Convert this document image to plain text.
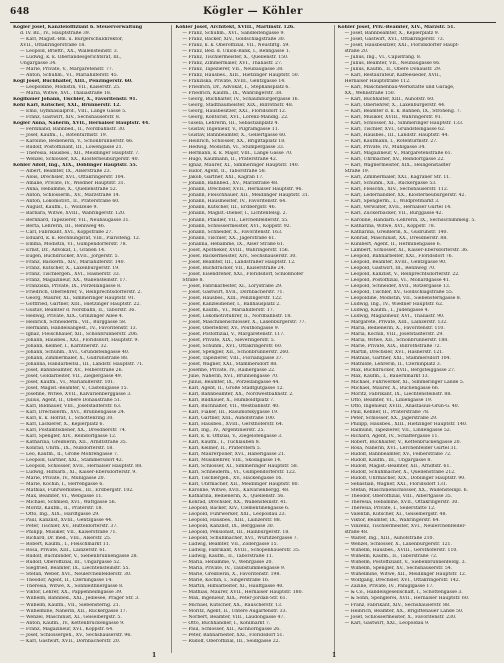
648	Kögler — Köhler
Kögler Josef, Kanzleioffiziant b. Steuerverwaltung
d. IV. Bz., IV., Hauptstraße 39.
— Karl, Magist.-Bm. u. Bürgerschuldirektor,
XVII., Ottakringerstraße 18.
— Leopold, Brieftr., XX., Wallensteinstr. 3.
— Ludwig, k. k. Oberlandesgerichtsrat, III.,
Ungargasse 34.
— Marie, Private, V., Margaretenstr. 77.
— Anton, Schuhm., VI., Mariahilferstr. 45.
Kögl Josef, Buchhalter, XIII., Penzingerstr. 60.
— Leopoldine, Modistin, VII., Kaiserstr. 25.
— Maria, Witwe, XVI., Thaliastraße 18.
Köglbauer Johann, Tischler, X., Favoritenstr. 91.
Köhl Karl, Kutscher, XXI., Brünnerstr. 12.
— Emil, Gymnasialprof., VIII., Lange Gasse 5.
— Franz, Gastwirt, XIV., Sechshauserstr. 8.
Kögler Anna, Näherin, XVII., Hernalser Hauptstr. 44.
— Ferdinand, Bahnbed., II., Nordbahnstr. 30.
— Josef, Kaufm., I., Rotenturmstr. 19.
— Karoline, Bedienerin, V., Schönbrunnerstr. 66.
— Rudolf, Postoffiziant, III., Löwengasse 21.
— Theresia, Hausbes., XII., Meidlinger Hauptstr. 7.
— Wenzel, Schlosser, XX., Klosterneuburgerstr. 40.
Köhler Adolf, Ing., XIX., Döblinger Hauptstr. 55.
— Albert, Beamter, IX., Alserstraße 23.
— Alois, Drechsler, XVI., Ottakringerstr. 104.
— Amalie, Private, IV., Wiedner Hauptstr. 31.
— Anna, Hebamme, X., Quellenstraße 52.
— Anton, Schlosserm., XV., Märzstraße 14.
— Anton, Lokomotivf., II., Praterstraße 60.
— August, Kaufm., I., Wollzeile 9.
— Barbara, Witwe, XVIII., Währingerstr. 120.
— Bernhard, Tapezierer, VII., Neubaugasse 31.
— Berta, Lehrerin, III., Rennweg 46.
— Carl, Fabrikant, XVI., Koppstraße 27.
— Eduard, k. k. Rechnungsrat, VIII., Piaristeng. 12.
— Emma, Modistin, VI., Gumpendorferstr. 78.
— Ernst, Dr., Advokat, I., Graben 14.
— Eugen, Buchdrucker, XVII., Jörgerstr. 5.
— Franz, Bäckerm., XIV., Mariahilferstr. 140.
— Franz, Kutscher, X., Laxenburgerstr. 19.
— Franz, Tischlergeh., XVI., Hasnerstr. 33.
— Franz, Magazineur, XX., Wallensteinstr. 17.
— Franziska, Private, IX., Porzellangasse 8.
— Friedrich, Oberlehrer, V., Reinprechtsdorferstr. 2.
— Georg, Maurer, XI., Simmeringer Hauptstr. 91.
— Gottfried, Gärtner, XIII., Hietzinger Hauptstr. 22.
— Gustav, Beamter d. Nordbahn, II., Taborstr. 36.
— Hedwig, Private, XIX., Grinzinger Allee 4.
— Heinrich, Schneiderm., VII., Burggasse 58.
— Hermann, Handelsangest., IV., Favoritenstr. 13.
— Ignaz, Fleischhauer, XII., Schönbrunnerstr. 206.
— Johann, Hausbes., XXI., Floridsdorf, Hauptstr. 9.
— Johann, Kellner, I., Kärntnerstr. 32.
— Johann, Schuhm., XVI., Grundsteingasse 40.
— Johann, Zimmermaler, X., Gudrunstraße 88.
— Johanna, Handarbeitsl., III., Landstr. Hauptstr. 71.
— Josef, Bahnbeamter, XV., Felberstraße 26.
— Josef, Goldarbeiter, VII., Zieglergasse 49.
— Josef, Kaufm., VI., Mariahilferstr. 101.
— Josef, Magist.-Beamter, V., Castelligasse 15.
— Josefine, Witwe, XVII., Kalvarienberggasse 3.
— Julius, Agent, II., Obere Donaustraße 51.
— Karl, Bildhauer, VIII., Josefstädterstr. 63.
— Karl, Drechslerm., XVI., Brunnengasse 24.
— Karl, k. k. Hofrat, I., Schottenring 30.
— Karl, Lackierer, X., Keplerplatz 6.
— Karl, Postamtsdiener, XX., Dresdnerstr. 74.
— Karl, Spengler, XIV., Reindorfgasse 12.
— Katharina, Greißlerin, XII., Arndtstraße 35.
— Konrad, Uhrm., IX., Nußdorferstr. 18.
— Leo, Kaufm., II., Große Mohrengasse 7.
— Leopold, Gärtner, XXI., Stammersdorf 42.
— Leopold, Schlosser, XVII., Hernalser Hauptstr. 88.
— Ludwig, Hilfsarb., XI., Kaiser-Ebersdorferstr. 9.
— Marie, Private, IV., Mühlgasse 20.
— Marie, Köchin, I., Herrengasse 6.
— Mathias, Fuhrwerksbes., III., Erdbergstr. 102.
— Max, Beamter, VI., Webgasse 11.
— Michael, Schmied, XVI., Wattgasse 56.
— Moritz, Kaufm., II., Praterstr. 18.
— Otto, Ing., XIX., Hardtgasse 29.
— Paul, Kanzlist, XVIII., Gentzgasse 44.
— Peter, Tischler, XV., Hütteldorferstr. 37.
— Philipp, Musiker, VII., Kaiserstraße 71.
— Richard, Dr. med., VIII., Alserstr. 25.
— Robert, Kaufm., I., Fleischmarkt 11.
— Rosa, Private, XIII., Lainzerstr. 61.
— Rudolf, Buchbinder, V., Siebenbrunnengasse 28.
— Rudolf, Oberoffizial, III., Ungargasse 52.
— Siegfried, Beamter, IX., Liechtensteinstr. 55.
— Stefan, Weber, XVI., Neulerchenfelderstr. 30.
— Theodor, Agent, II., Czerningasse 14.
— Theresia, Witwe, X., Sonnleithnergasse 8.
— Viktor, Lehrer, XX., Pappenheimgasse 39.
— Wilhelm, Bahnbed., XXI., Jedlesee, Prager Str. 3.
— Wilhelm, Kaufm., VII., Siebensterng. 21.
— Wilhelmine, Näherin, XII., Ruckergasse 17.
— Wenzel, Maschinist, XI., Geiselbergstr. 5.
— Anton, Kaufm., IV., Kettenbrückengasse 9.
— Franz, Magazineur, XVI., Koppstr. 64.
— Josef, Schlossergeh., XV., Sechshauserstr. 96.
— Karl, Gastwirt, XVII., Dornbacherstr. 20.
Köhler Josef, Architekt, XVIII., Martinstr. 126.
— Franz, Schuhm., XVI., Sandleitengasse 9.
— Franz, Bäcker, XIV., Goldschlagstraße 30.
— Franz, k. k. Oberoffizial, VII., Neustiftg. 59.
— Franz, Bed. d. Union-Bank, I., Renngasse 1.
— Franz, Tischlermeister, X., Quellenstr. 150.
— Franz, Zimmermaler, XVI., Thaliastr. 27.
— Franz, Tapezierer, VII., Neubaugasse 38.
— Franz, Hausbes., XIII., Hietzinger Hauptstr. 50.
— Franziska, Private, XVIII., Gentzgasse 14.
— Friedrich, Dr., Advokat, I., Stephansplatz 6.
— Friedrich, Kaufm., IX., Währingerstr. 38.
— Georg, Buchhalter, IV., Schaumburgergasse 16.
— Georg, Stadtbaumeister, XIX., Billrothstr. 48.
— Georg, Hausbesitzer, XXI., Floridsdorf 12.
— Georg, Kontorist, XVI., Lorenz-Mandlg. 22.
— Gisela, Lehrerin, III., Sebastianplatz 4.
— Gustav, Ingenieur, V., Pilgramgasse 11.
— Gustav, Bahnbeamter, X., Gellertgasse 60.
— Heinrich, Schlosser, XX., Brigittaplatz 18.
— Hedwig, Modistin, VI., Stumpergasse 33.
— Hermann, k. k. Major, VIII., Lange Gasse 70.
— Hugo, Kaufmann, II., Praterstraße 42.
— Ignaz, Maurer, XI., Simmeringer Hauptstr. 140.
— Isidor, Agent, II., Taborstraße 58.
— Jakob, Gärtner, XXI., Kagran 17.
— Johann, Bahnbed., XV., Märzstraße 48.
— Johann, Drechsler, XVII., Hernalser Hauptstr. 96.
— Johann, Fleischhauer, XII., Meidlinger Hauptstr. 31.
— Johann, Hausmeister, IV., Favoritenstr. 64.
— Johann, Kutscher, III., Erdbergstr. 46.
— Johann, Magist.-Diener, I., Lichtenfelsg. 2.
— Johann, Pfaidler, VII., Lerchenfelderstr. 55.
— Johann, Schlossermeister, XVI., Koppstr. 92.
— Johann, Schneider, X., Favoritenstr. 163.
— Johann, Tischler, XX., Jägerstraße 61.
— Johanna, Hebamme, IX., Alser Straße 61.
— Josef, Apotheker, XVIII., Währingerstr. 156.
— Josef, Bäckermeister, XIV., Sechshauserstr. 30.
— Josef, Beamter, III., Landstraßer Hauptstr. 12.
— Josef, Buchdrucker, VII., Kaiserstraße 24.
— Josef, Eisendreher, XXI., Floridsdorf, Schloßhofer
Straße 8.
— Josef, Fabrikarbeiter, XI., Lorystraße 29.
— Josef, Gastwirt, XVII., Dornbacherstr. 71.
— Josef, Hausbes., XIII., Penzingerstr. 122.
— Josef, Kanzleidiener, I., Ballhausplatz 2.
— Josef, Kaufm., VI., Mariahilferstr. 17.
— Josef, Lokomotivführer, II., Nordbahnstr. 18.
— Josef, Maschinenschlosser, X., Laxenburgerstr. 77.
— Josef, Oberlehrer, XV., Pouthongasse 9.
— Josef, Postoffizial, V., Margaretenstr. 117.
— Josef, Private, XIX., Sieveringerstr. 5.
— Josef, Schuhm., XVI., Ottakringerstr. 60.
— Josef, Spengler, XII., Schönbrunnerstr. 260.
— Josef, Tapezierer, VIII., Florianigasse 37.
— Josef, Wagner, XXI., Stammersdorf 88.
— Josefine, Private, IV., Rainergasse 22.
— Julie, Näherin, XVI., Brunnengasse 70.
— Julius, Beamter, IX., Porzellangasse 44.
— Karl, Agent, II., Große Stadtgutgasse 12.
— Karl, Bahnbeamter, XX., Nordwestbahnstr. 2.
— Karl, Bildhauer, X., Humboldtplatz 7.
— Karl, Buchhalter, VII., Westbahnstr. 40.
— Karl, Fiaker, III., Rasumofskygasse 19.
— Karl, Gärtner, XIII., Auhofstraße 100.
— Karl, Hausbes., XVIII., Gersthoferstr. 64.
— Karl, Ing., IV., Argentinierstr. 25.
— Karl, k. k. Offizial, V., Ziegelofengasse 3.
— Karl, Kaufm., I., Tuchlauben 8.
— Karl, Kellner, II., Praterstern 5.
— Karl, Maurerpolier, XVI., Haberlgasse 21.
— Karl, Musiklehrer, VIII., Skodagasse 14.
— Karl, Schlosser, XI., Simmeringer Hauptstr. 58.
— Karl, Schneiderm., VI., Gumpendorferstr. 122.
— Karl, Tischlergeh., XV., Hackengasse 16.
— Karl, Uhrmacher, XII., Meidlinger Hauptstr. 80.
— Karoline, Witwe, XVII., Kalvarienbergg. 48.
— Katharina, Bedienerin, X., Quellenstr. 56.
— Konrad, Drechsler, XX., Wallensteinstr. 41.
— Leopold, Bäcker, XIV., Clementinengasse 6.
— Leopold, Fuhrwerker, XXI., Leopoldau 23.
— Leopold, Hausbes., XIII., Lainzerstr. 88.
— Leopold, Kanzlist, IX., Berggasse 30.
— Leopold, Pensionist, III., Hainburgerstr. 18.
— Leopold, Schuhmacher, XVI., Wurlitzergasse 7.
— Ludwig, Beamter, VII., Zollergasse 15.
— Ludwig, Fabrikant, XVIII., Schopenhauerstr. 35.
— Ludwig, Kaufm., II., Taborstraße 11.
— Maria, Hebamme, V., Wehrgasse 20.
— Maria, Private, IV., Taubstummengasse 9.
— Marie, Greißlerin, X., Favoritenstr. 198.
— Marie, Köchin, I., Singerstraße 16.
— Martin, Hilfsarbeiter, XI., Hauffgasse 40.
— Mathias, Maurer, XVII., Hernalser Hauptstr. 180.
— Max, Ingenieur, XIX., Peter-Jordan-Str. 61.
— Michael, Kutscher, XX., Rauscherstr. 13.
— Moritz, Agent, II., Untere Augartenstr. 33.
— Norbert, Beamter, VIII., Laudongasse 47.
— Otto, Buchhändler, I., Kohlmarkt 7.
— Paul, Schlosser, XII., Aichhorngasse 26.
— Peter, Bahnarbeiter, XXI., Floridsdorf 51.
— Rudolf, Oberoffizial, III., Seidlgasse 22.
Köhler Josef, Priv.-Beamter, XIV., Märzstr. 51.
— Josef, Bahnbeamter, X., Keplerplatz 9.
— Josef, Gastwirt, XVI., Ottakringerstr. 73.
— Josef, Hausbesitzer, XXI., Floridsdorfer Haupt-
straße 20.
— Julius, Ing., VI., Capistrang. 8.
— Julius, Beamter, VII., Neubaugasse 66.
— Julius, Kaufm., II., Obere Donaustr. 29.
— Karl, Restaurateur, Kaffeesieder, XVII.,
Hernalser Hauptstraße 112.
— Karl, Maschinenbau-Werkstätte und Garage,
XX., Wehlistraße 150.
— Karl, Buchhalter, XIII., Auhofstr. 60.
— Karl, Oberlehrer, X., Laxenburgerstr. 44.
— Karl, Beamter d. k. k. Bahnen, IX., Stroheng. 7.
— Karl, Musiker, XVIII., Währingerstr. 91.
— Karl, Schlosser, XI., Simmeringer Hauptstr. 133.
— Karl, Tischler, XVI., Grundsteingasse 62.
— Karl, Hausbes., III., Landstr. Hauptstr. 44.
— Karl, Kaufmann, I., Rotenturmstr. 27.
— Karl, Private, IV., Mühlgasse 34.
— Karl, Magazineur, V., Margaretenstraße 61.
— Karl, Uhrmacher, XV., Reindorfgasse 22.
— Karl, Wagnermeister, XIX., Heiligenstädter
Straße 19.
— Karl, Zimmermaler, XXI., Kagraner Str. 11.
— Karl, Schuhm., XII., Ruckergasse 53.
— Karl, Fleischh., XIV., Sechshauserstr. 112.
— Karl, Lederhändler, XX., Klosterneuburgerstr. 42.
— Karl, Spenglerm., I., Wildpretmarkt 3.
— Karl, Verwalter, XVII., Hernalser Gürtel 14.
— Karl, Zuckerbäcker, VII., Burggasse 42.
— Karoline, Handarb.-Lehrerin, IX., Sechsschimmelg. 5.
— Katharina, Witwe, XVI., Koppstr. 78.
— Katharina, Greißlerin, X., Gudrunstr. 140.
— Konrad, Maschinist, XX., Dresdnerstr. 88.
— Kunibert, Agent, II., Herminengasse 6.
— Lambert, Schlosser, XI., Kaiser-Ebersdorferstr. 36.
— Leopold, Bahnarbeiter, XXI., Floridsdorf 76.
— Leopold, Beamter, XVIII., Gentzgasse 90.
— Leopold, Gastwirt, III., Rennweg 70.
— Leopold, Kanzlist, V., Reinprechtsdorferstr. 22.
— Leopold, Postoffizial, VI., Mollardgasse 41.
— Leopold, Schneider, XVII., Rötzergasse 13.
— Leopold, Tischler, XV., Goldschlagstraße 55.
— Leopoldine, Modistin, VII., Siebensterngasse 8.
— Ludwig, Ing., IV., Wiedner Hauptstr. 62.
— Ludwig, Kaufm., I., Judengasse 4.
— Ludwig, Magazineur, XVI., Thaliastr. 90.
— Margarete, Private, XIII., Lainzerstr. 132.
— Maria, Bedienerin, X., Favoritenstr. 110.
— Maria, Köchin, VIII., Josefstädterstr. 29.
— Maria, Witwe, XII., Schönbrunnerstr. 188.
— Marie, Private, XIX., Billrothstraße 72.
— Martin, Drechsler, XVI., Hasnerstr. 121.
— Mathias, Gärtner, XXI., Stammersdorf 104.
— Mathilde, Lehrerin, II., Czerninplatz 3.
— Max, Buchdrucker, XVII., Bergsteiggasse 27.
— Max, Kaufm., I., Bauernmarkt 13.
— Michael, Fuhrwerker, XI., Simmeringer Lände 5.
— Michael, Maurer, X., Buchengasse 66.
— Moritz, Fabrikant, IX., Liechtensteinstr. 88.
— Otto, Beamter, VI., Liniengasse 19.
— Otto, Ingenieur, XVIII., Anastasius-Grün-G. 40.
— Paul, Kellner, II., Praterstraße 78.
— Peter, Schlosser, XX., Jägerstraße 29.
— Philipp, Hausbes., XIII., Hietzinger Hauptstr. 140.
— Raimund, Tapezierer, VII., Lindengasse 52.
— Richard, Agent, IV., Schäffergasse 11.
— Robert, Buchhalter, V., Kettenbrückengasse 20.
— Rosa, Näherin, XVI., Lerchenfelder Gürtel 31.
— Rudolf, Bahnbeamter, XV., Felberstraße 72.
— Rudolf, Kaufm., III., Ungargasse 8.
— Rudolf, Magist.-Beamter, XII., Arndtstr. 61.
— Rudolf, Schuhmacher, X., Quellenstraße 212.
— Rudolf, Uhrmacher, XIX., Döblinger Hauptstr. 90.
— Sebastian, Wagner, XXI., Floridsdorf 131.
— Stefan, Maschinenschlosser, XX., Wallensteinpl. 6.
— Theodor, Oberoffizial, VIII., Albertgasse 35.
— Theresia, Hebamme, XVII., Ottakringerstr. 30.
— Theresia, Private, I., Seilerstätte 12.
— Valentin, Kutscher, XI., Geiselbergstr. 48.
— Viktor, Beamter, IX., Währingerstr. 64.
— Vinzenz, Tischlermeister, XVI., Neulerchenfelder-
straße 48.
— Walter, Ing., XIII., Auhofstraße 210.
— Wenzel, Schlosser, X., Laxenburgerstr. 121.
— Wilhelm, Hausbes., XVIII., Gersthoferstr. 110.
— Wilhelm, Kaufm., II., Taborstraße 72.
— Wilhelm, Postoffiziant, V., Siebenbrunnenfeldg. 3.
— Wilhelm, Spengler, XV., Sechshauserstr. 54.
— Wilhelmine, Witwe, XII., Meidlinger Hauptstr. 12.
— Wolfgang, Drechsler, XVI., Ottakringerstr. 142.
— Zäzilie, Private, IV., Paniglgasse 17.
— & Co., Handelsgesellschaft, I., Schottengasse 3.
— & Sohn, Spenglerei, XVII., Hernalser Hauptstr. 60.
— Franz, Fabrikant, XIV., Sechshauserstr. 88.
— Heinrich, Beamter, XX., Brigittenauer Lände 50.
— Josef, Schlossermeister, X., Favoritenstr. 230.
— Karl, Gastwirt, XXI., Leopoldau 9.
1	1
